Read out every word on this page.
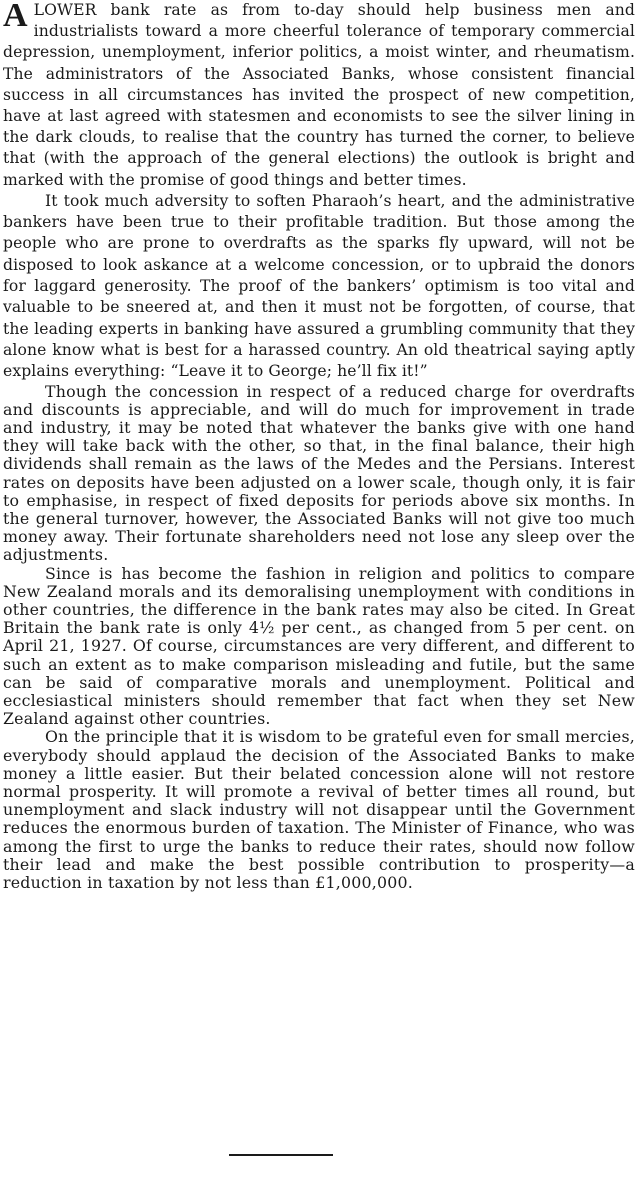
A LOWER bank rate as from to-day should help business men and industrialists toward a more cheerful tolerance of temporary commercial depression, unemployment, inferior politics, a moist winter, and rheumatism. The administrators of the Associated Banks, whose consistent financial success in all circumstances has invited the prospect of new competition, have at last agreed with statesmen and economists to see the silver lining in the dark clouds, to realise that the country has turned the corner, to believe that (with the approach of the general elections) the outlook is bright and marked with the promise of good things and better times.

It took much adversity to soften Pharaoh’s heart, and the administrative bankers have been true to their profitable tradition. But those among the people who are prone to overdrafts as the sparks fly upward, will not be disposed to look askance at a welcome concession, or to upbraid the donors for laggard generosity. The proof of the bankers’ optimism is too vital and valuable to be sneered at, and then it must not be forgotten, of course, that the leading experts in banking have assured a grumbling community that they alone know what is best for a harassed country. An old theatrical saying aptly explains everything: “Leave it to George; he’ll fix it!”

Though the concession in respect of a reduced charge for overdrafts and discounts is appreciable, and will do much for improvement in trade and industry, it may be noted that whatever the banks give with one hand they will take back with the other, so that, in the final balance, their high dividends shall remain as the laws of the Medes and the Persians. Interest rates on deposits have been adjusted on a lower scale, though only, it is fair to emphasise, in respect of fixed deposits for periods above six months. In the general turnover, however, the Associated Banks will not give too much money away. Their fortunate shareholders need not lose any sleep over the adjustments.

Since is has become the fashion in religion and politics to compare New Zealand morals and its demoralising unemployment with conditions in other countries, the difference in the bank rates may also be cited. In Great Britain the bank rate is only 4½ per cent., as changed from 5 per cent. on April 21, 1927. Of course, circumstances are very different, and different to such an extent as to make comparison misleading and futile, but the same can be said of comparative morals and unemployment. Political and ecclesiastical ministers should remember that fact when they set New Zealand against other countries.

On the principle that it is wisdom to be grateful even for small mercies, everybody should applaud the decision of the Associated Banks to make money a little easier. But their belated concession alone will not restore normal prosperity. It will promote a revival of better times all round, but unemployment and slack industry will not disappear until the Government reduces the enormous burden of taxation. The Minister of Finance, who was among the first to urge the banks to reduce their rates, should now follow their lead and make the best possible contribution to prosperity—a reduction in taxation by not less than £1,000,000.
